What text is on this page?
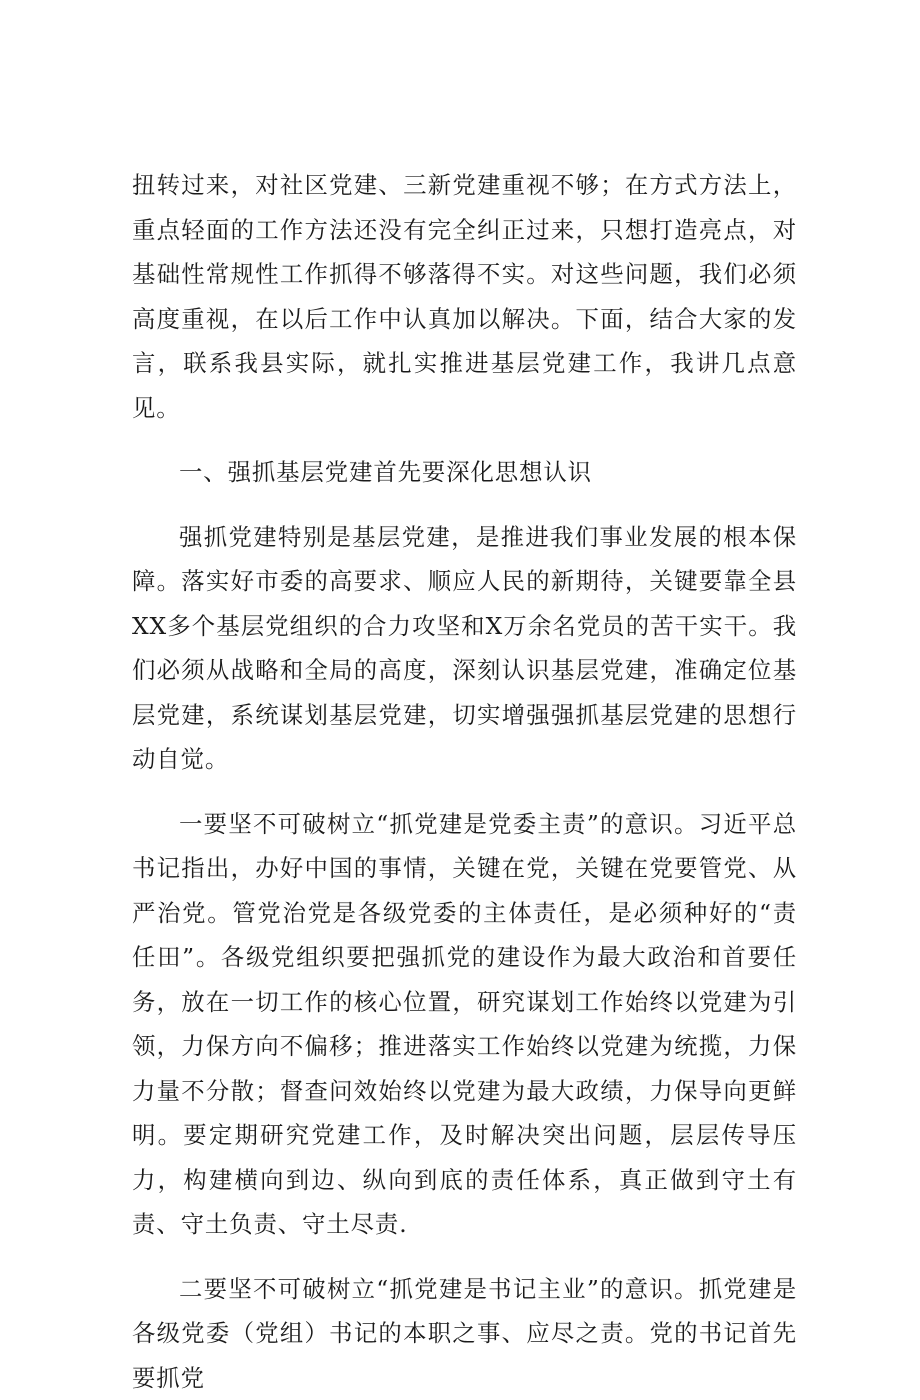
扭转过来，对社区党建、三新党建重视不够；在方式方法上，重点轻面的工作方法还没有完全纠正过来，只想打造亮点，对基础性常规性工作抓得不够落得不实。对这些问题，我们必须高度重视，在以后工作中认真加以解决。下面，结合大家的发言，联系我县实际，就扎实推进基层党建工作，我讲几点意见。

一、强抓基层党建首先要深化思想认识

强抓党建特别是基层党建，是推进我们事业发展的根本保障。落实好市委的高要求、顺应人民的新期待，关键要靠全县XX多个基层党组织的合力攻坚和X万余名党员的苦干实干。我们必须从战略和全局的高度，深刻认识基层党建，准确定位基层党建，系统谋划基层党建，切实增强强抓基层党建的思想行动自觉。

一要坚不可破树立“抓党建是党委主责”的意识。习近平总书记指出，办好中国的事情，关键在党，关键在党要管党、从严治党。管党治党是各级党委的主体责任，是必须种好的“责任田”。各级党组织要把强抓党的建设作为最大政治和首要任务，放在一切工作的核心位置，研究谋划工作始终以党建为引领，力保方向不偏移；推进落实工作始终以党建为统揽，力保力量不分散；督查问效始终以党建为最大政绩，力保导向更鲜明。要定期研究党建工作，及时解决突出问题，层层传导压力，构建横向到边、纵向到底的责任体系，真正做到守土有责、守土负责、守土尽责.

二要坚不可破树立“抓党建是书记主业”的意识。抓党建是各级党委（党组）书记的本职之事、应尽之责。党的书记首先要抓党
